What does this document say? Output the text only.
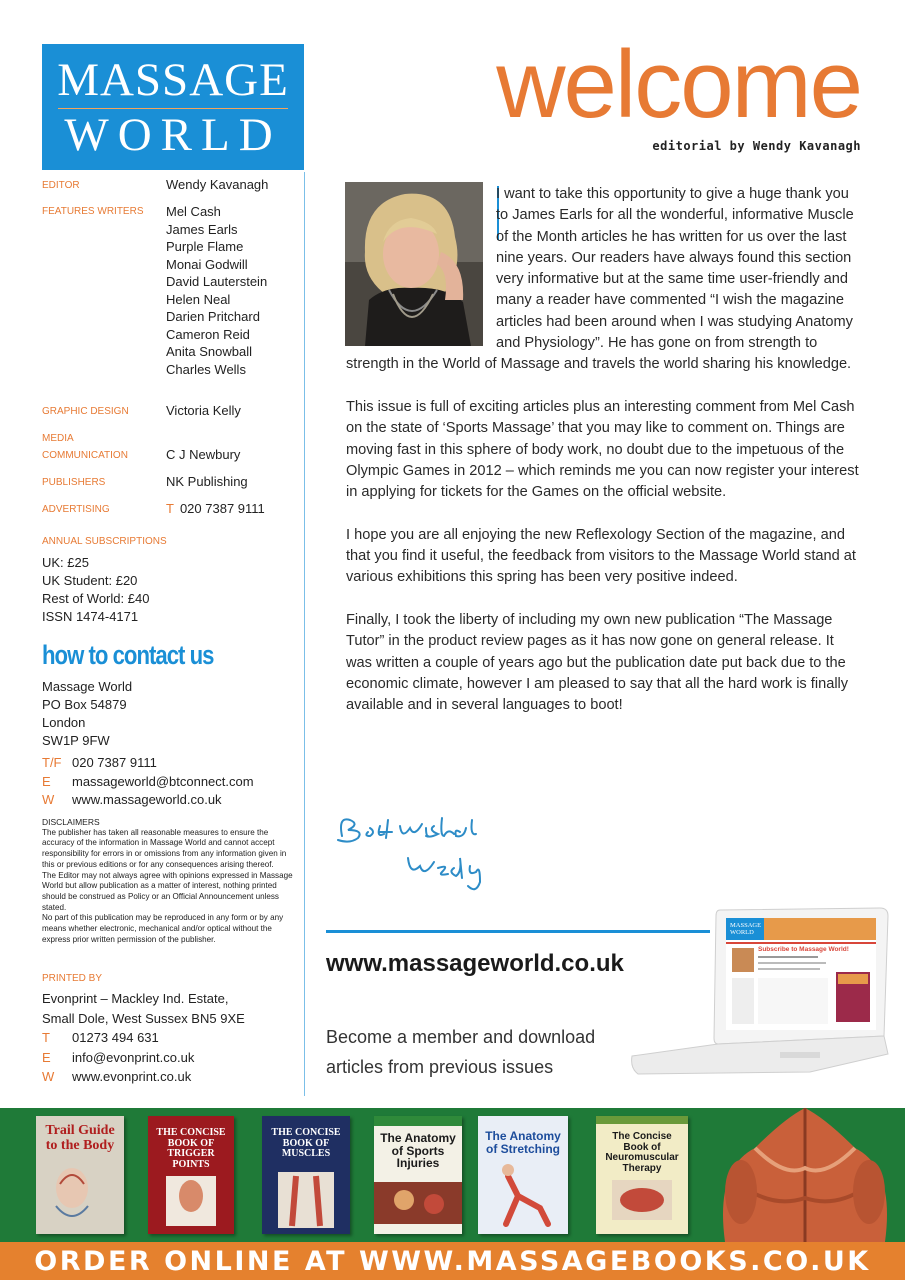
MASSAGE
WORLD welcome
editorial by Wendy Kavanagh
EDITOR	Wendy Kavanagh
FEATURES WRITERS Mel Cash
James Earls
Purple Flame
Monai Godwill
David Lauterstein
Helen Neal
Darien Pritchard
Cameron Reid
Anita Snowball
Charles Wells
GRAPHIC DESIGN	Victoria Kelly
MEDIA
COMMUNICATION	C J Newbury
PUBLISHERS	NK Publishing
ADVERTISING	T 020 7387 9111
ANNUAL SUBSCRIPTIONS
UK: £25
UK Student: £20
Rest of World: £40
ISSN 1474-4171
how to contact us
Massage World
PO Box 54879
London
SW1P 9FW
T/F 020 7387 9111
E massageworld@btconnect.com
W www.massageworld.co.uk
DISCLAIMERS
The publisher has taken all reasonable measures to ensure the accuracy of the information in Massage World and cannot accept responsibility for errors in or omissions from any information given in this or previous editions or for any consequences arising thereof.
The Editor may not always agree with opinions expressed in Massage World but allow publication as a matter of interest, nothing printed should be construed as Policy or an Official Announcement unless stated.
No part of this publication may be reproduced in any form or by any means whether electronic, mechanical and/or optical without the express prior written permission of the publisher.
PRINTED BY
Evonprint – Mackley Ind. Estate,
Small Dole, West Sussex BN5 9XE
T 01273 494 631
E info@evonprint.co.uk
W www.evonprint.co.uk

I want to take this opportunity to give a huge thank you to James Earls for all the wonderful, informative Muscle of the Month articles he has written for us over the last nine years. Our readers have always found this section very informative but at the same time user-friendly and many a reader have commented “I wish the magazine articles had been around when I was studying Anatomy and Physiology”. He has gone on from strength to strength in the World of Massage and travels the world sharing his knowledge.

This issue is full of exciting articles plus an interesting comment from Mel Cash on the state of ‘Sports Massage’ that you may like to comment on. Things are moving fast in this sphere of body work, no doubt due to the impetuous of the Olympic Games in 2012 – which reminds me you can now register your interest in applying for tickets for the Games on the official website.

I hope you are all enjoying the new Reflexology Section of the magazine, and that you find it useful, the feedback from visitors to the Massage World stand at various exhibitions this spring has been very positive indeed.

Finally, I took the liberty of including my own new publication “The Massage Tutor” in the product review pages as it has now gone on general release. It was written a couple of years ago but the publication date put back due to the economic climate, however I am pleased to say that all the hard work is finally available and in several languages to boot!

www.massageworld.co.uk
Become a member and download articles from previous issues
MASSAGE WORLD
Subscribe to Massage World!
Trail Guide to the Body
THE CONCISE BOOK OF TRIGGER POINTS
THE CONCISE BOOK OF MUSCLES
The Anatomy of Sports Injuries
The Anatomy of Stretching
The Concise Book of Neuromuscular Therapy
ORDER ONLINE AT WWW.MASSAGEBOOKS.CO.UK
